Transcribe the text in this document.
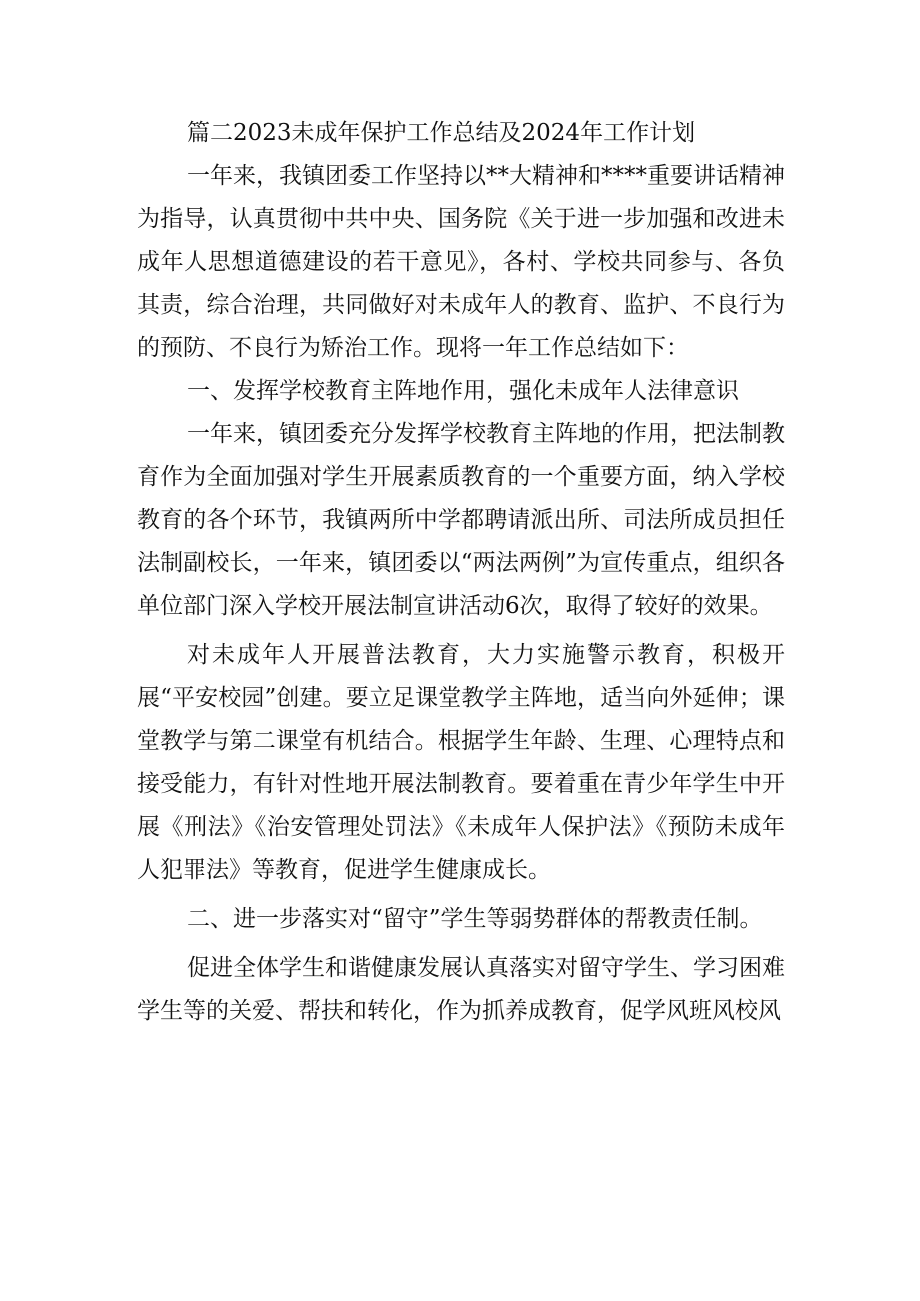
篇二2023未成年保护工作总结及2024年工作计划

一年来，我镇团委工作坚持以**大精神和****重要讲话精神为指导，认真贯彻中共中央、国务院《关于进一步加强和改进未成年人思想道德建设的若干意见》，各村、学校共同参与、各负其责，综合治理，共同做好对未成年人的教育、监护、不良行为的预防、不良行为矫治工作。现将一年工作总结如下：

一、发挥学校教育主阵地作用，强化未成年人法律意识

一年来，镇团委充分发挥学校教育主阵地的作用，把法制教育作为全面加强对学生开展素质教育的一个重要方面，纳入学校教育的各个环节，我镇两所中学都聘请派出所、司法所成员担任法制副校长，一年来，镇团委以“两法两例”为宣传重点，组织各单位部门深入学校开展法制宣讲活动6次，取得了较好的效果。

对未成年人开展普法教育，大力实施警示教育，积极开展“平安校园”创建。要立足课堂教学主阵地，适当向外延伸；课堂教学与第二课堂有机结合。根据学生年龄、生理、心理特点和接受能力，有针对性地开展法制教育。要着重在青少年学生中开展《刑法》《治安管理处罚法》《未成年人保护法》《预防未成年人犯罪法》等教育，促进学生健康成长。

二、进一步落实对“留守”学生等弱势群体的帮教责任制。

促进全体学生和谐健康发展认真落实对留守学生、学习困难学生等的关爱、帮扶和转化，作为抓养成教育，促学风班风校风
